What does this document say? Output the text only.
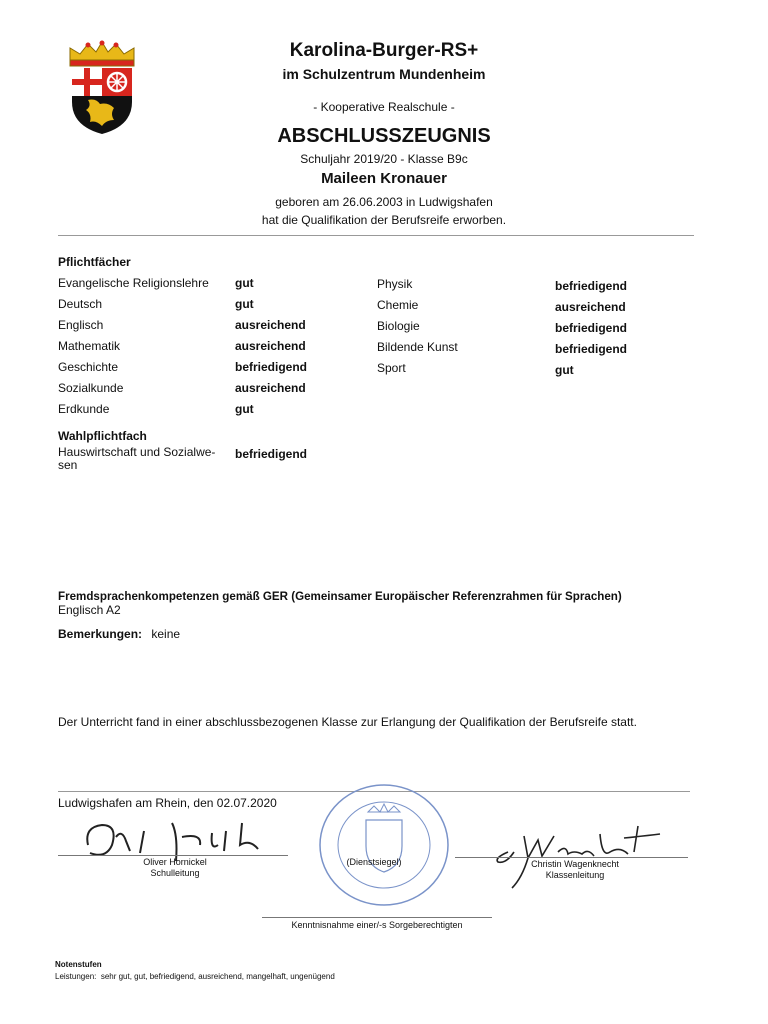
Karolina-Burger-RS+
im Schulzentrum Mundenheim
- Kooperative Realschule -
ABSCHLUSSZEUGNIS
Schuljahr 2019/20 - Klasse B9c
Maileen Kronauer
geboren am 26.06.2003 in Ludwigshafen
hat die Qualifikation der Berufsreife erworben.
Pflichtfächer
Evangelische Religionslehre gut
Deutsch	gut
Englisch	ausreichend
Mathematik	ausreichend
Geschichte	befriedigend
Sozialkunde	ausreichend
Erdkunde	gut
Physik	befriedigend
Chemie	ausreichend
Biologie	befriedigend
Bildende Kunst	befriedigend
Sport	gut
Wahlpflichtfach
Hauswirtschaft und Sozialwe-
sen
befriedigend
Fremdsprachenkompetenzen gemäß GER (Gemeinsamer Europäischer Referenzrahmen für Sprachen)
Englisch A2
Bemerkungen: keine
Der Unterricht fand in einer abschlussbezogenen Klasse zur Erlangung der Qualifikation der Berufsreife statt.
Ludwigshafen am Rhein, den 02.07.2020
Oliver Hornickel
Schulleitung
(Dienstsiegel)	Christin Wagenknecht
Klassenleitung
Kenntnisnahme einer/-s Sorgeberechtigten
Notenstufen
Leistungen:  sehr gut, gut, befriedigend, ausreichend, mangelhaft, ungenügend
